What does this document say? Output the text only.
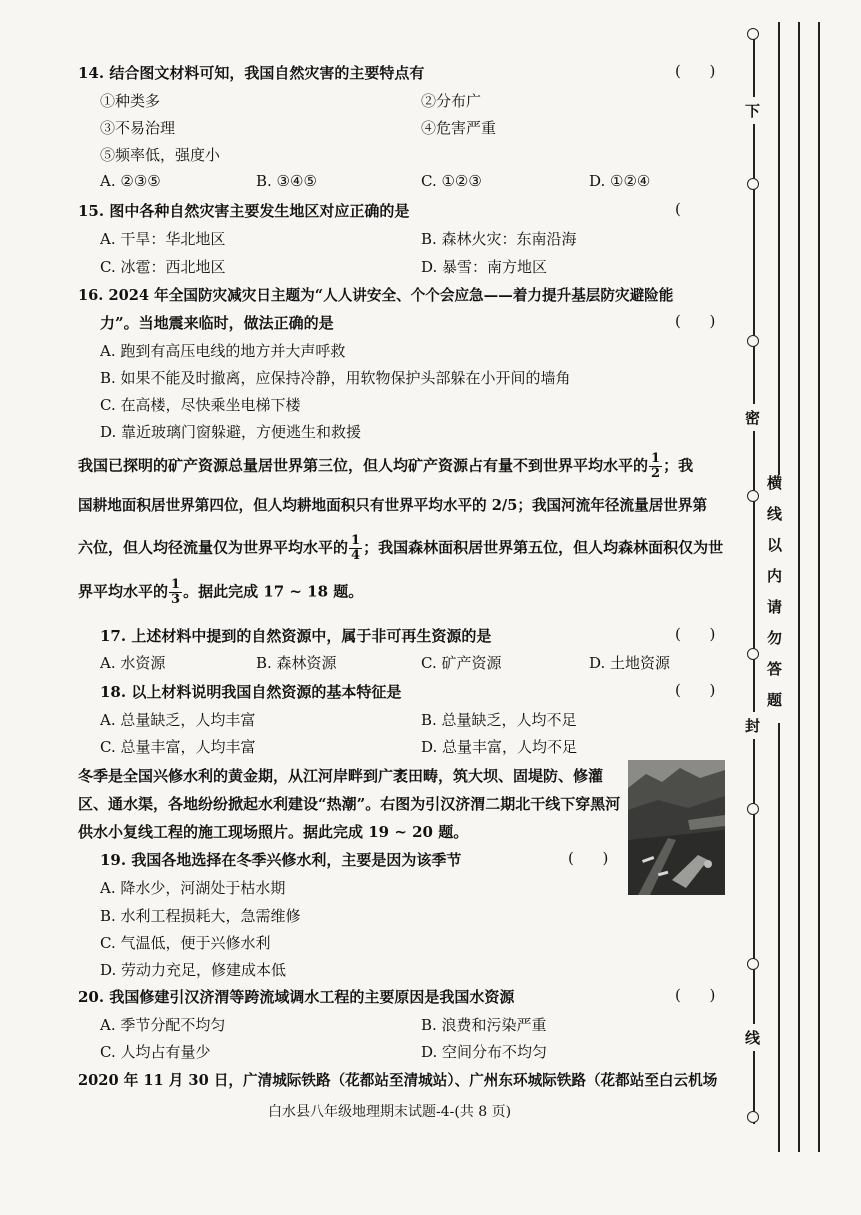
14. 结合图文材料可知，我国自然灾害的主要特点有	(      )
①种类多	②分布广
③不易治理	④危害严重
⑤频率低，强度小
A. ②③⑤	B. ③④⑤	C. ①②③	D. ①②④
15. 图中各种自然灾害主要发生地区对应正确的是	(
A. 干旱：华北地区	B. 森林火灾：东南沿海
C. 冰雹：西北地区	D. 暴雪：南方地区
16. 2024 年全国防灾减灾日主题为“人人讲安全、个个会应急——着力提升基层防灾避险能
力”。当地震来临时，做法正确的是	(      )
A. 跑到有高压电线的地方并大声呼救
B. 如果不能及时撤离，应保持冷静，用软物保护头部躲在小开间的墙角
C. 在高楼，尽快乘坐电梯下楼
D. 靠近玻璃门窗躲避，方便逃生和救援
我国已探明的矿产资源总量居世界第三位，但人均矿产资源占有量不到世界平均水平的 $\frac{1}{2}$ ；我
国耕地面积居世界第四位，但人均耕地面积只有世界平均水平的 2/5；我国河流年径流量居世界第
六位，但人均径流量仅为世界平均水平的 $\frac{1}{4}$ ；我国森林面积居世界第五位，但人均森林面积仅为世
界平均水平的 $\frac{1}{3}$ 。据此完成 17 ~ 18 题。
17. 上述材料中提到的自然资源中，属于非可再生资源的是	(      )
A. 水资源	B. 森林资源	C. 矿产资源	D. 土地资源
18. 以上材料说明我国自然资源的基本特征是	(      )
A. 总量缺乏，人均丰富	B. 总量缺乏，人均不足
C. 总量丰富，人均丰富	D. 总量丰富，人均不足
冬季是全国兴修水利的黄金期，从江河岸畔到广袤田畴，筑大坝、固堤防、修灌
区、通水渠，各地纷纷掀起水利建设“热潮”。右图为引汉济渭二期北干线下穿黑河
供水小复线工程的施工现场照片。据此完成 19 ~ 20 题。
19. 我国各地选择在冬季兴修水利，主要是因为该季节	(      )
A. 降水少，河湖处于枯水期
B. 水利工程损耗大，急需维修
C. 气温低，便于兴修水利
D. 劳动力充足，修建成本低
20. 我国修建引汉济渭等跨流域调水工程的主要原因是我国水资源	(      )
A. 季节分配不均匀	B. 浪费和污染严重
C. 人均占有量少	D. 空间分布不均匀
2020 年 11 月 30 日，广清城际铁路（花都站至清城站）、广州东环城际铁路（花都站至白云机场
白水县八年级地理期末试题-4-(共 8 页)
下
密
封
线
横线以内请勿答题
